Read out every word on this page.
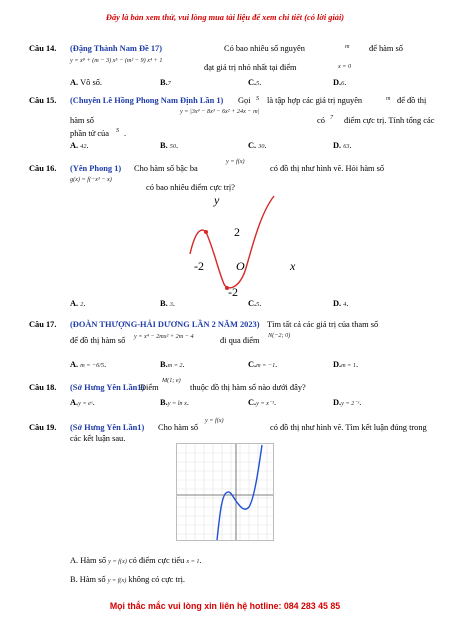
Đây là bản xem thử, vui lòng mua tài liệu để xem chi tiết (có lời giải)
Câu 14. (Đặng Thành Nam Đề 17)	Có bao nhiêu số nguyên	m để hàm số
y = x⁸ + (m − 3) x⁵ − (m² − 9) x⁴ + 1
đạt giá trị nhỏ nhất tại điểm	x = 0
A. Vô số.	B.7	C.5.	D.6.
Câu 15. (Chuyên Lê Hồng Phong Nam Định Lần 1) Gọi S là tập hợp các giá trị nguyên	m để đồ thị
hàm số
y = |3x⁴ − 8x³ − 6x² + 24x − m|
có 7 điểm cực trị. Tính tổng các
phần tử của S .
A. 42.	B. 50.	C. 30.	D. 63.
Câu 16. (Yên Phong 1) Cho hàm số bậc ba
y = f(x)
có đồ thị như hình vẽ. Hỏi hàm số
g(x) = f(−x³ − x)
có bao nhiêu điểm cực trị?
y
2
-2	O	x
-2
A. 2.	B. 3.	C.5.	D. 4.
Câu 17. (ĐOÀN THƯỢNG-HẢI DƯƠNG LẦN 2 NĂM 2023) Tìm tất cả các giá trị của tham số
để đồ thị hàm số y = x⁴ − 2mx² + 2m − 4	đi qua điểm
N(−2; 0)
A. m = −6/5.	B.m = 2.	C.m = −1.	D.m = 1.
Câu 18. (Sở Hưng Yên Lần1)
Điểm
M(1; e)
thuộc đồ thị hàm số nào dưới đây?
A.y = eˣ.	B.y = ln x.	C.y = x⁻¹.	D.y = 2⁻ˣ.
Câu 19. (Sở Hưng Yên Lần1) Cho hàm số
y = f(x)
có đồ thị như hình vẽ. Tìm kết luận đúng trong
các kết luận sau.
A. Hàm số y = f(x) có điểm cực tiểu x = 1.
B. Hàm số y = f(x) không có cực trị.
Mọi thắc mắc vui lòng xin liên hệ hotline: 084 283 45 85
